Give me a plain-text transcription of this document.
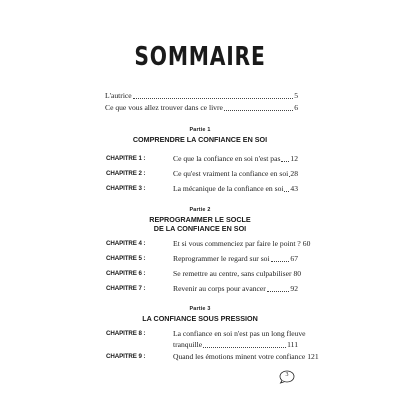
SOMMAIRE
L'autrice	5
Ce que vous allez trouver dans ce livre	6
Partie 1
COMPRENDRE LA CONFIANCE EN SOI
CHAPITRE 1 :	Ce que la confiance en soi n'est pas 12
CHAPITRE 2 :	Ce qu'est vraiment la confiance en soi 28
CHAPITRE 3 :	La mécanique de la confiance en soi 43
Partie 2
REPROGRAMMER LE SOCLE
DE LA CONFIANCE EN SOI
CHAPITRE 4 :	Et si vous commenciez par faire le point ? 60
CHAPITRE 5 :	Reprogrammer le regard sur soi	67
CHAPITRE 6 :	Se remettre au centre, sans culpabiliser 80
CHAPITRE 7 :	Revenir au corps pour avancer	92
Partie 3
LA CONFIANCE SOUS PRESSION
CHAPITRE 8 :	La confiance en soi n'est pas un long fleuve
tranquille	111
CHAPITRE 9 :	Quand les émotions minent votre confiance 121
3
